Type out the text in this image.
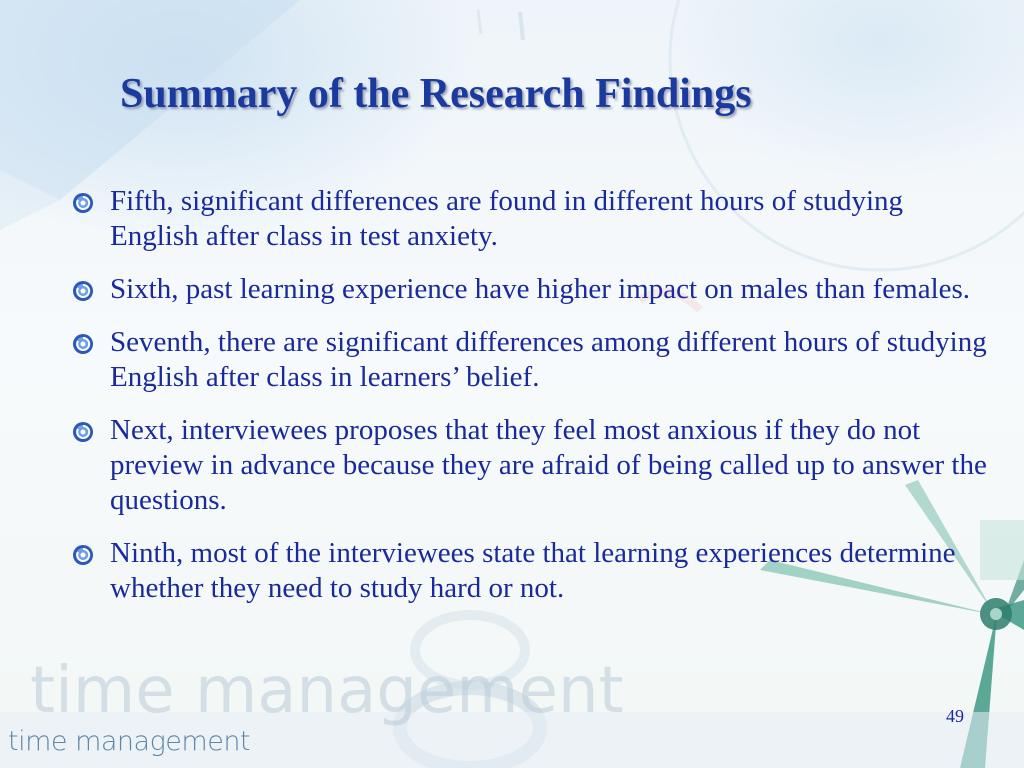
time management
Summary of the Research Findings
Fifth, significant differences are found in different hours of studying English after class in test anxiety.
Sixth, past learning experience have higher impact on males than females.
Seventh, there are significant differences among different hours of studying English after class in learners’ belief.
Next, interviewees proposes that they feel most anxious if they do not preview in advance because they are afraid of being called up to answer the questions.
Ninth, most of the interviewees state that learning experiences determine whether they need to study hard or not.
49
time management
